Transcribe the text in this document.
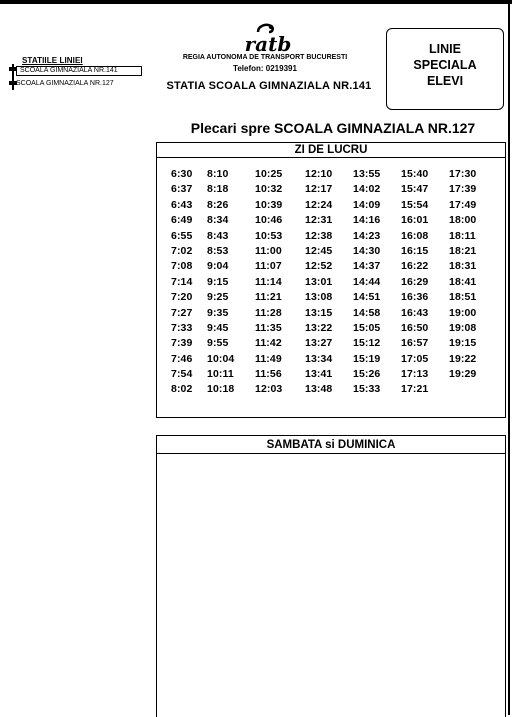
STATIILE LINIEI
SCOALA GIMNAZIALA NR.141
SCOALA GIMNAZIALA NR.127
ratb
REGIA AUTONOMA DE TRANSPORT BUCURESTI
Telefon: 0219391
STATIA SCOALA GIMNAZIALA NR.141
LINIE
SPECIALA
ELEVI
Plecari spre SCOALA GIMNAZIALA NR.127
ZI DE LUCRU
6:30
6:37
6:43
6:49
6:55
7:02
7:08
7:14
7:20
7:27
7:33
7:39
7:46
7:54
8:02
8:10
8:18
8:26
8:34
8:43
8:53
9:04
9:15
9:25
9:35
9:45
9:55
10:04
10:11
10:18
10:25
10:32
10:39
10:46
10:53
11:00
11:07
11:14
11:21
11:28
11:35
11:42
11:49
11:56
12:03
12:10
12:17
12:24
12:31
12:38
12:45
12:52
13:01
13:08
13:15
13:22
13:27
13:34
13:41
13:48
13:55
14:02
14:09
14:16
14:23
14:30
14:37
14:44
14:51
14:58
15:05
15:12
15:19
15:26
15:33
15:40
15:47
15:54
16:01
16:08
16:15
16:22
16:29
16:36
16:43
16:50
16:57
17:05
17:13
17:21
17:30
17:39
17:49
18:00
18:11
18:21
18:31
18:41
18:51
19:00
19:08
19:15
19:22
19:29
SAMBATA si DUMINICA
